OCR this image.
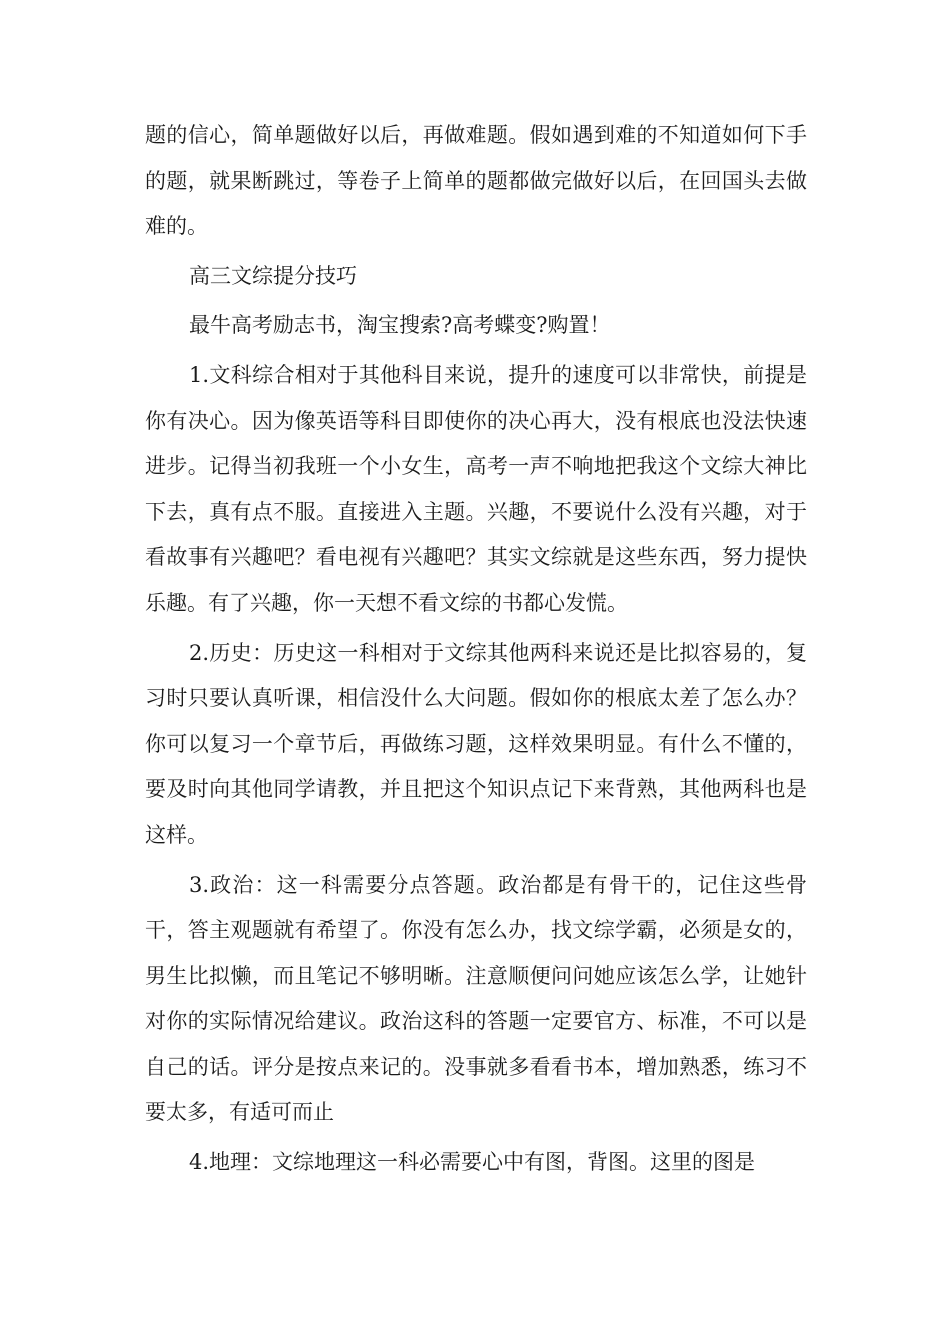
题的信心，简单题做好以后，再做难题。假如遇到难的不知道如何下手的题，就果断跳过，等卷子上简单的题都做完做好以后，在回国头去做难的。

高三文综提分技巧

最牛高考励志书，淘宝搜索?高考蝶变?购置！

1.文科综合相对于其他科目来说，提升的速度可以非常快，前提是你有决心。因为像英语等科目即使你的决心再大，没有根底也没法快速进步。记得当初我班一个小女生，高考一声不响地把我这个文综大神比下去，真有点不服。直接进入主题。兴趣，不要说什么没有兴趣，对于看故事有兴趣吧？看电视有兴趣吧？其实文综就是这些东西，努力提快乐趣。有了兴趣，你一天想不看文综的书都心发慌。

2.历史：历史这一科相对于文综其他两科来说还是比拟容易的，复习时只要认真听课，相信没什么大问题。假如你的根底太差了怎么办？你可以复习一个章节后，再做练习题，这样效果明显。有什么不懂的，要及时向其他同学请教，并且把这个知识点记下来背熟，其他两科也是这样。

3.政治：这一科需要分点答题。政治都是有骨干的，记住这些骨干，答主观题就有希望了。你没有怎么办，找文综学霸，必须是女的，男生比拟懒，而且笔记不够明晰。注意顺便问问她应该怎么学，让她针对你的实际情况给建议。政治这科的答题一定要官方、标准，不可以是自己的话。评分是按点来记的。没事就多看看书本，增加熟悉，练习不要太多，有适可而止

4.地理：文综地理这一科必需要心中有图，背图。这里的图是
